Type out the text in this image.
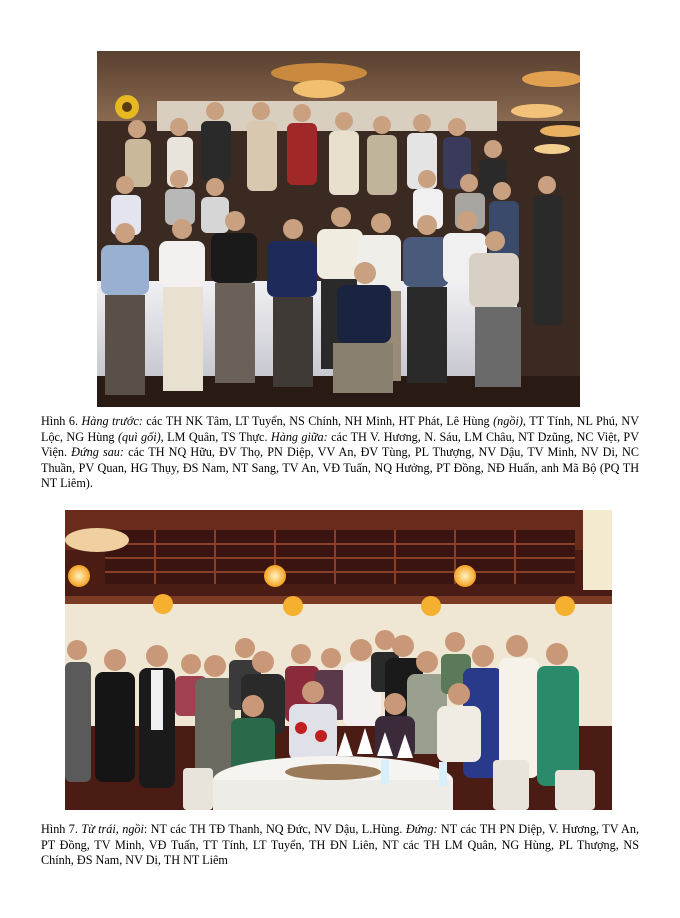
Hình 6. Hàng trước: các TH NK Tâm, LT Tuyển, NS Chính, NH Minh, HT Phát, Lê Hùng (ngồi), TT Tính, NL Phú, NV Lộc, NG Hùng (quì gối), LM Quân, TS Thực. Hàng giữa: các TH V. Hương, N. Sáu, LM Châu, NT Dzũng, NC Việt, PV Viện. Đứng sau: các TH NQ Hữu, ĐV Thọ, PN Diệp, VV An, ĐV Tùng, PL Thượng, NV Dậu, TV Minh, NV Di, NC Thuần, PV Quan, HG Thụy, ĐS Nam, NT Sang, TV An, VĐ Tuấn, NQ Hưởng, PT Đồng, NĐ Huấn, anh Mã Bộ (PQ TH NT Liêm).

Hình 7. Từ trái, ngồi: NT các TH TĐ Thanh, NQ Đức, NV Dậu, L.Hùng. Đứng: NT các TH PN Diệp, V. Hương, TV An, PT Đồng, TV Minh, VĐ Tuấn, TT Tính, LT Tuyển, TH ĐN Liên, NT các TH LM Quân, NG Hùng, PL Thượng, NS Chính, ĐS Nam, NV Di, TH NT Liêm
